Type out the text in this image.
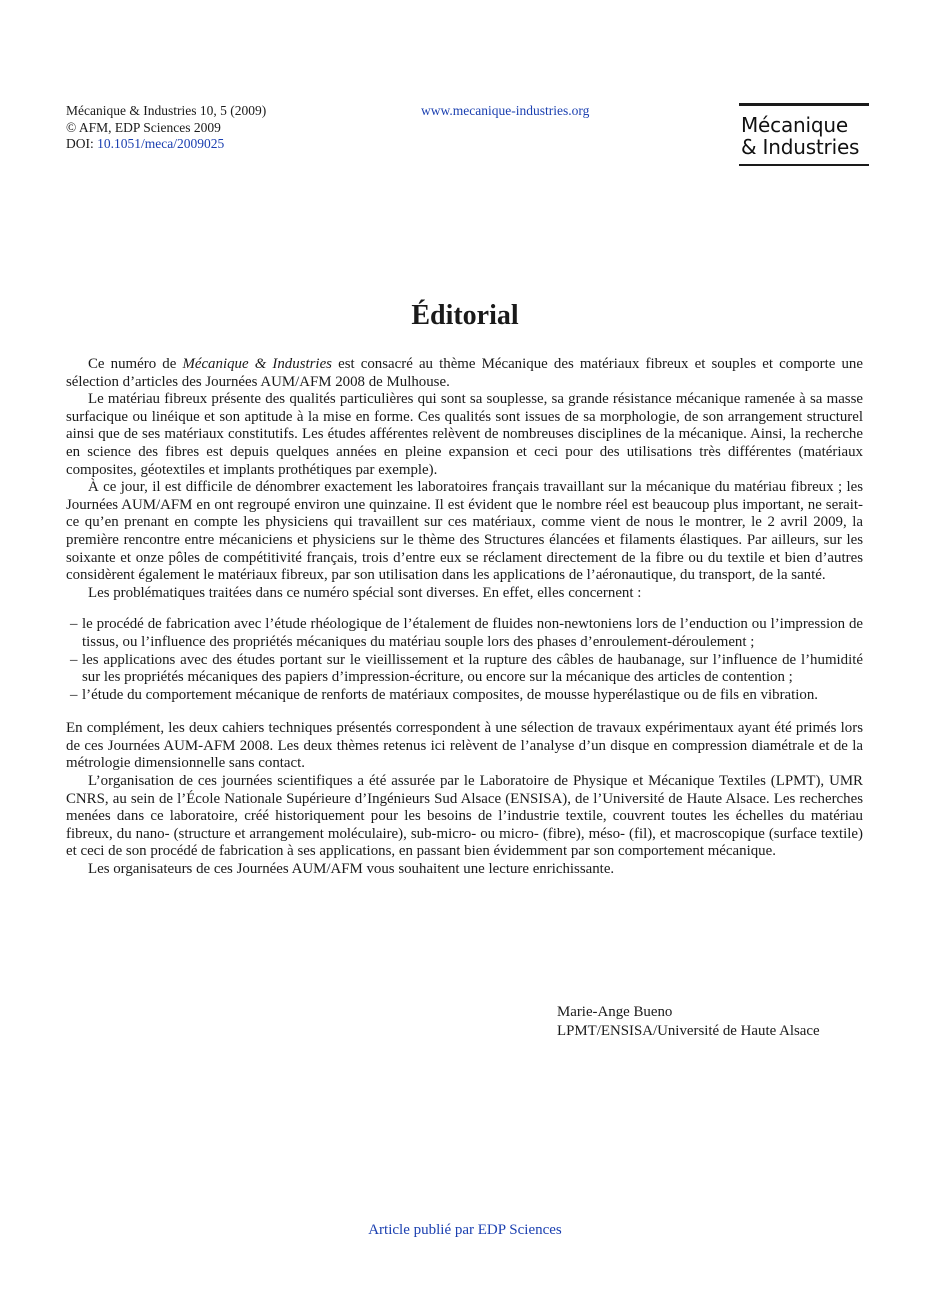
Mécanique & Industries 10, 5 (2009)
© AFM, EDP Sciences 2009
DOI: 10.1051/meca/2009025
www.mecanique-industries.org
Mécanique
& Industries
Éditorial

Ce numéro de Mécanique & Industries est consacré au thème Mécanique des matériaux fibreux et souples et comporte une sélection d’articles des Journées AUM/AFM 2008 de Mulhouse.

Le matériau fibreux présente des qualités particulières qui sont sa souplesse, sa grande résistance mécanique ramenée à sa masse surfacique ou linéique et son aptitude à la mise en forme. Ces qualités sont issues de sa morphologie, de son arrangement structurel ainsi que de ses matériaux constitutifs. Les études afférentes relèvent de nombreuses disciplines de la mécanique. Ainsi, la recherche en science des fibres est depuis quelques années en pleine expansion et ceci pour des utilisations très différentes (matériaux composites, géotextiles et implants prothétiques par exemple).

À ce jour, il est difficile de dénombrer exactement les laboratoires français travaillant sur la mécanique du matériau fibreux ; les Journées AUM/AFM en ont regroupé environ une quinzaine. Il est évident que le nombre réel est beaucoup plus important, ne serait-ce qu’en prenant en compte les physiciens qui travaillent sur ces matériaux, comme vient de nous le montrer, le 2 avril 2009, la première rencontre entre mécaniciens et physiciens sur le thème des Structures élancées et filaments élastiques. Par ailleurs, sur les soixante et onze pôles de compétitivité français, trois d’entre eux se réclament directement de la fibre ou du textile et bien d’autres considèrent également le matériaux fibreux, par son utilisation dans les applications de l’aéronautique, du transport, de la santé.

Les problématiques traitées dans ce numéro spécial sont diverses. En effet, elles concernent :

– le procédé de fabrication avec l’étude rhéologique de l’étalement de fluides non-newtoniens lors de l’enduction ou l’impression de tissus, ou l’influence des propriétés mécaniques du matériau souple lors des phases d’enroulement-déroulement ;
– les applications avec des études portant sur le vieillissement et la rupture des câbles de haubanage, sur l’influence de l’humidité sur les propriétés mécaniques des papiers d’impression-écriture, ou encore sur la mécanique des articles de contention ;
– l’étude du comportement mécanique de renforts de matériaux composites, de mousse hyperélastique ou de fils en vibration.

En complément, les deux cahiers techniques présentés correspondent à une sélection de travaux expérimentaux ayant été primés lors de ces Journées AUM-AFM 2008. Les deux thèmes retenus ici relèvent de l’analyse d’un disque en compression diamétrale et de la métrologie dimensionnelle sans contact.

L’organisation de ces journées scientifiques a été assurée par le Laboratoire de Physique et Mécanique Textiles (LPMT), UMR CNRS, au sein de l’École Nationale Supérieure d’Ingénieurs Sud Alsace (ENSISA), de l’Université de Haute Alsace. Les recherches menées dans ce laboratoire, créé historiquement pour les besoins de l’industrie textile, couvrent toutes les échelles du matériau fibreux, du nano- (structure et arrangement moléculaire), sub-micro- ou micro- (fibre), méso- (fil), et macroscopique (surface textile) et ceci de son procédé de fabrication à ses applications, en passant bien évidemment par son comportement mécanique.

Les organisateurs de ces Journées AUM/AFM vous souhaitent une lecture enrichissante.

Marie-Ange Bueno
LPMT/ENSISA/Université de Haute Alsace
Article publié par EDP Sciences
